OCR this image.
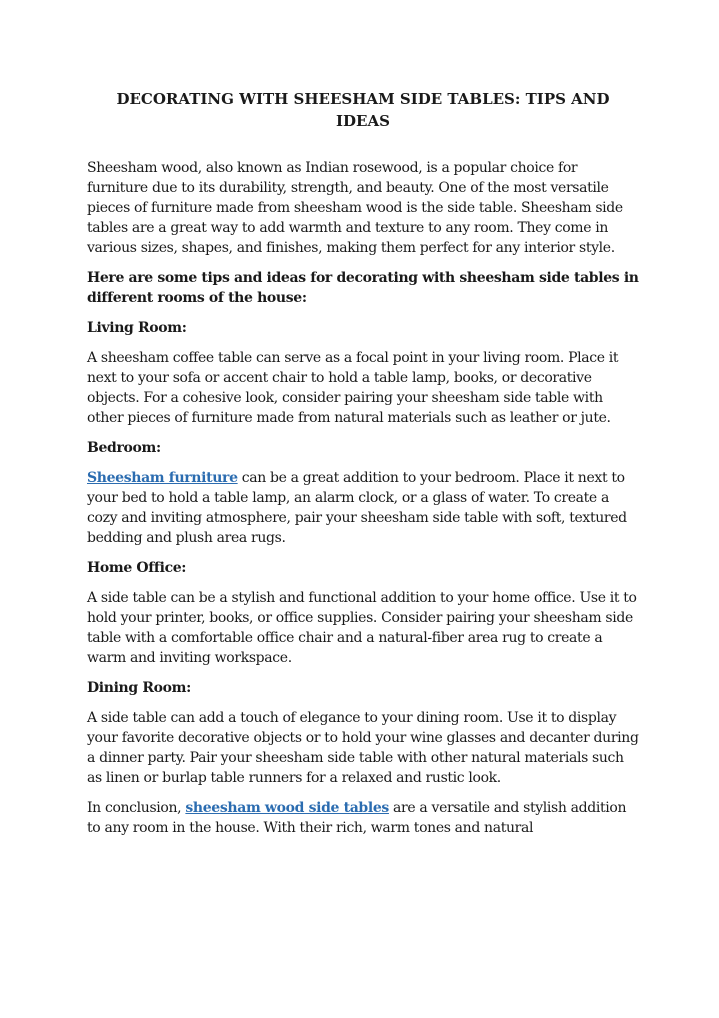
DECORATING WITH SHEESHAM SIDE TABLES: TIPS AND IDEAS

Sheesham wood, also known as Indian rosewood, is a popular choice for furniture due to its durability, strength, and beauty. One of the most versatile pieces of furniture made from sheesham wood is the side table. Sheesham side tables are a great way to add warmth and texture to any room. They come in various sizes, shapes, and finishes, making them perfect for any interior style.

Here are some tips and ideas for decorating with sheesham side tables in different rooms of the house:

Living Room:

A sheesham coffee table can serve as a focal point in your living room. Place it next to your sofa or accent chair to hold a table lamp, books, or decorative objects. For a cohesive look, consider pairing your sheesham side table with other pieces of furniture made from natural materials such as leather or jute.

Bedroom:

Sheesham furniture can be a great addition to your bedroom. Place it next to your bed to hold a table lamp, an alarm clock, or a glass of water. To create a cozy and inviting atmosphere, pair your sheesham side table with soft, textured bedding and plush area rugs.

Home Office:

A side table can be a stylish and functional addition to your home office. Use it to hold your printer, books, or office supplies. Consider pairing your sheesham side table with a comfortable office chair and a natural-fiber area rug to create a warm and inviting workspace.

Dining Room:

A side table can add a touch of elegance to your dining room. Use it to display your favorite decorative objects or to hold your wine glasses and decanter during a dinner party. Pair your sheesham side table with other natural materials such as linen or burlap table runners for a relaxed and rustic look.

In conclusion, sheesham wood side tables are a versatile and stylish addition to any room in the house. With their rich, warm tones and natural
